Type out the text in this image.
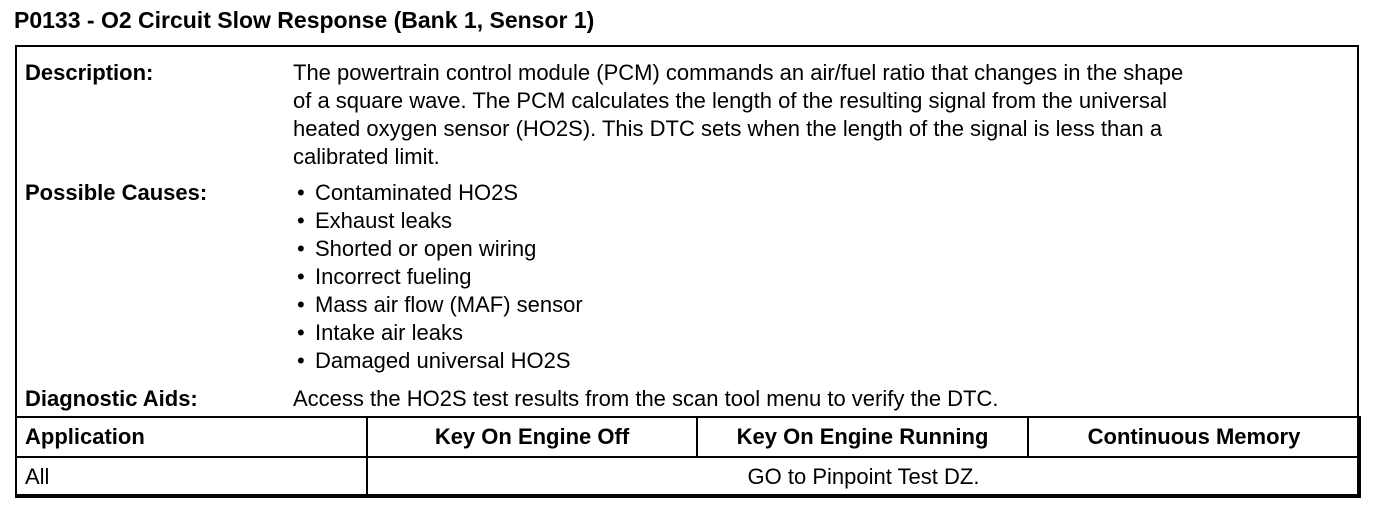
P0133 - O2 Circuit Slow Response (Bank 1, Sensor 1)
Description:	The powertrain control module (PCM) commands an air/fuel ratio that changes in the shape
of a square wave. The PCM calculates the length of the resulting signal from the universal
heated oxygen sensor (HO2S). This DTC sets when the length of the signal is less than a
calibrated limit.
Possible Causes:	• Contaminated HO2S
• Exhaust leaks
• Shorted or open wiring
• Incorrect fueling
• Mass air flow (MAF) sensor
• Intake air leaks
• Damaged universal HO2S
Diagnostic Aids:	Access the HO2S test results from the scan tool menu to verify the DTC.
Application	Key On Engine Off	Key On Engine Running	Continuous Memory
All	GO to Pinpoint Test DZ.		
